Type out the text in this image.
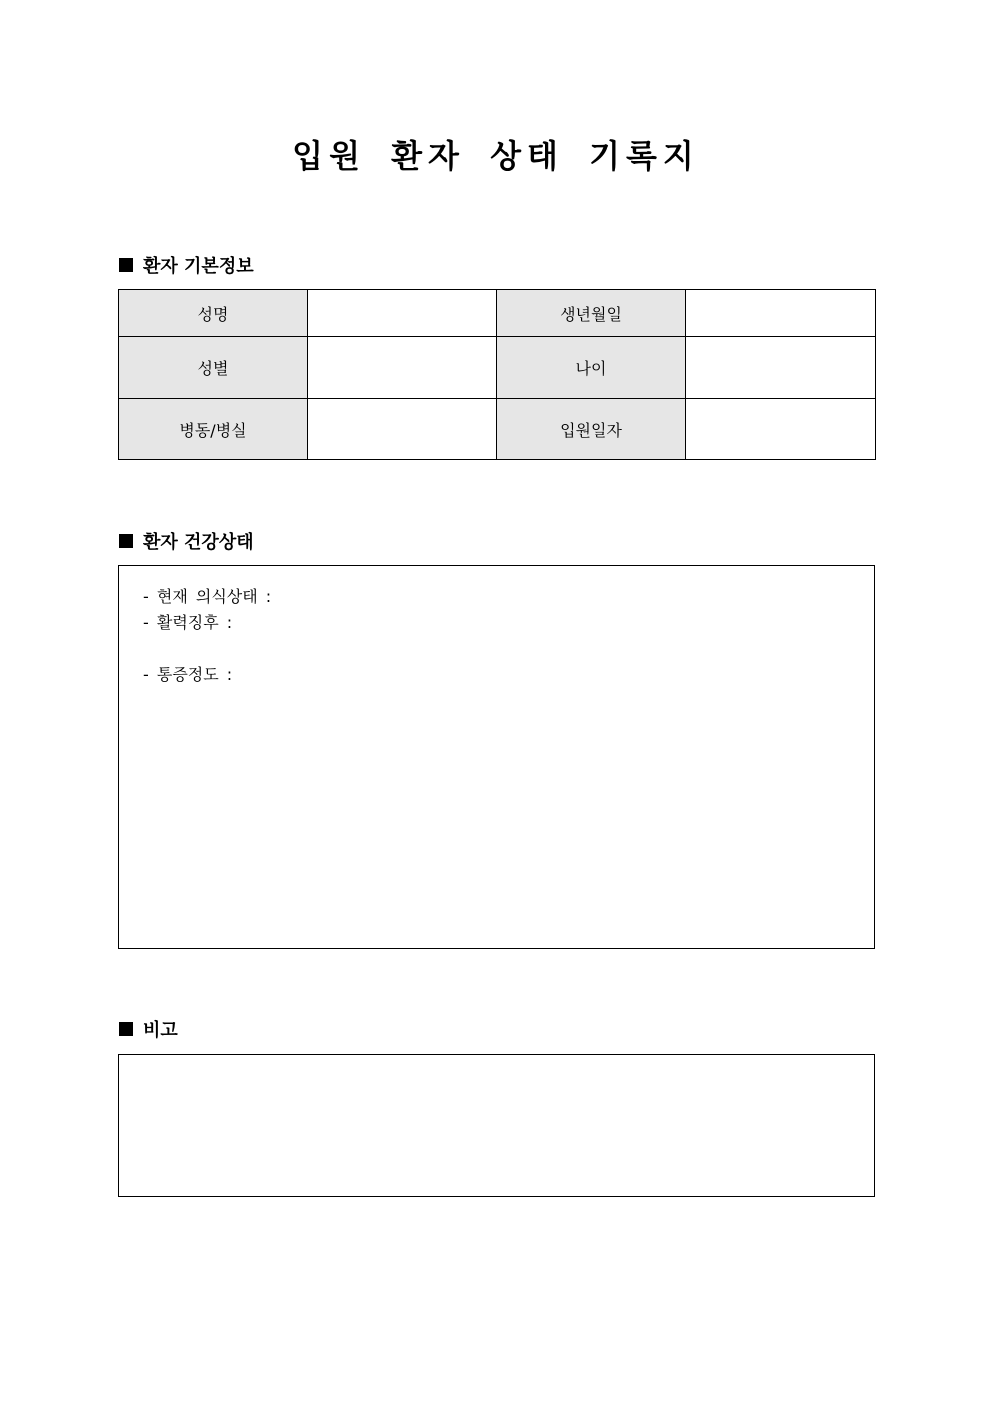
입원 환자 상태 기록지
환자 기본정보
성명		생년월일	
성별		나이	
병동/병실		입원일자	
환자 건강상태
- 현재 의식상태 :
- 활력징후 :
- 통증정도 :
비고
